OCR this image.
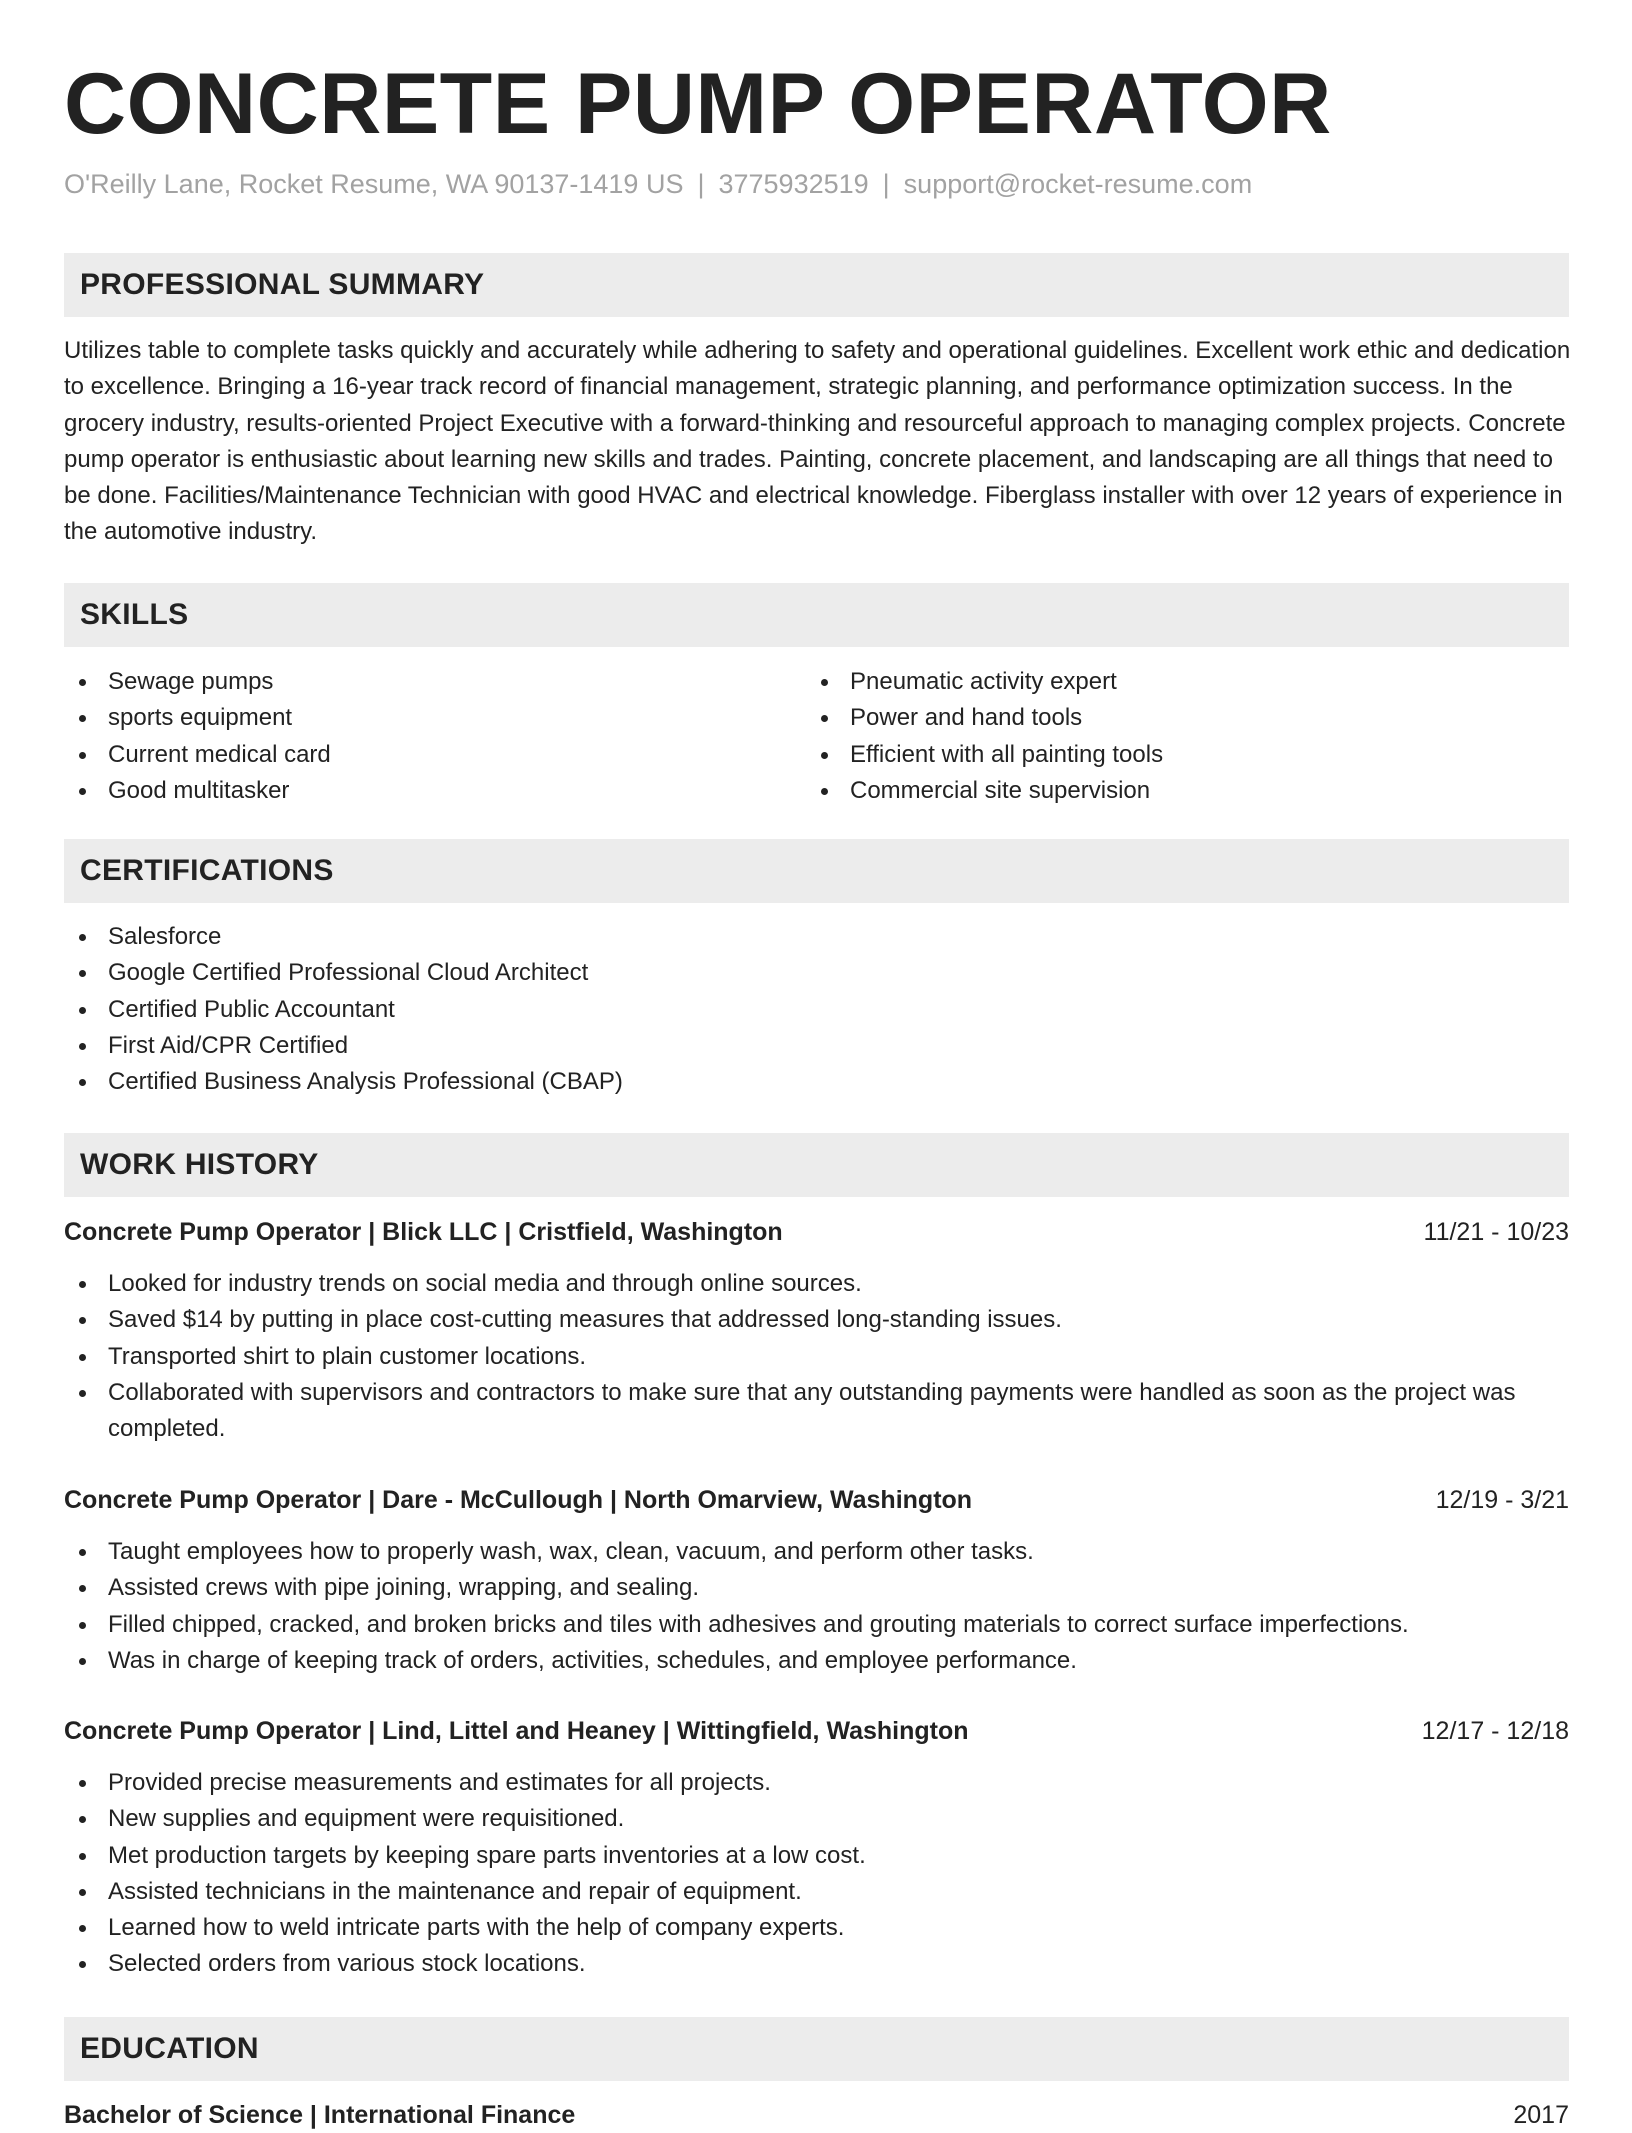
CONCRETE PUMP OPERATOR
O'Reilly Lane, Rocket Resume, WA 90137-1419 US | 3775932519 | support@rocket-resume.com
PROFESSIONAL SUMMARY

Utilizes table to complete tasks quickly and accurately while adhering to safety and operational guidelines. Excellent work ethic and dedication to excellence. Bringing a 16-year track record of financial management, strategic planning, and performance optimization success. In the grocery industry, results-oriented Project Executive with a forward-thinking and resourceful approach to managing complex projects. Concrete pump operator is enthusiastic about learning new skills and trades. Painting, concrete placement, and landscaping are all things that need to be done. Facilities/Maintenance Technician with good HVAC and electrical knowledge. Fiberglass installer with over 12 years of experience in the automotive industry.

SKILLS
Sewage pumps
sports equipment
Current medical card
Good multitasker
Pneumatic activity expert
Power and hand tools
Efficient with all painting tools
Commercial site supervision
CERTIFICATIONS
Salesforce
Google Certified Professional Cloud Architect
Certified Public Accountant
First Aid/CPR Certified
Certified Business Analysis Professional (CBAP)
WORK HISTORY
Concrete Pump Operator | Blick LLC | Cristfield, Washington	11/21 - 10/23
Looked for industry trends on social media and through online sources.
Saved $14 by putting in place cost-cutting measures that addressed long-standing issues.
Transported shirt to plain customer locations.
Collaborated with supervisors and contractors to make sure that any outstanding payments were handled as soon as the project was completed.
Concrete Pump Operator | Dare - McCullough | North Omarview, Washington	12/19 - 3/21
Taught employees how to properly wash, wax, clean, vacuum, and perform other tasks.
Assisted crews with pipe joining, wrapping, and sealing.
Filled chipped, cracked, and broken bricks and tiles with adhesives and grouting materials to correct surface imperfections.
Was in charge of keeping track of orders, activities, schedules, and employee performance.
Concrete Pump Operator | Lind, Littel and Heaney | Wittingfield, Washington	12/17 - 12/18
Provided precise measurements and estimates for all projects.
New supplies and equipment were requisitioned.
Met production targets by keeping spare parts inventories at a low cost.
Assisted technicians in the maintenance and repair of equipment.
Learned how to weld intricate parts with the help of company experts.
Selected orders from various stock locations.
EDUCATION
Bachelor of Science | International Finance	2017
